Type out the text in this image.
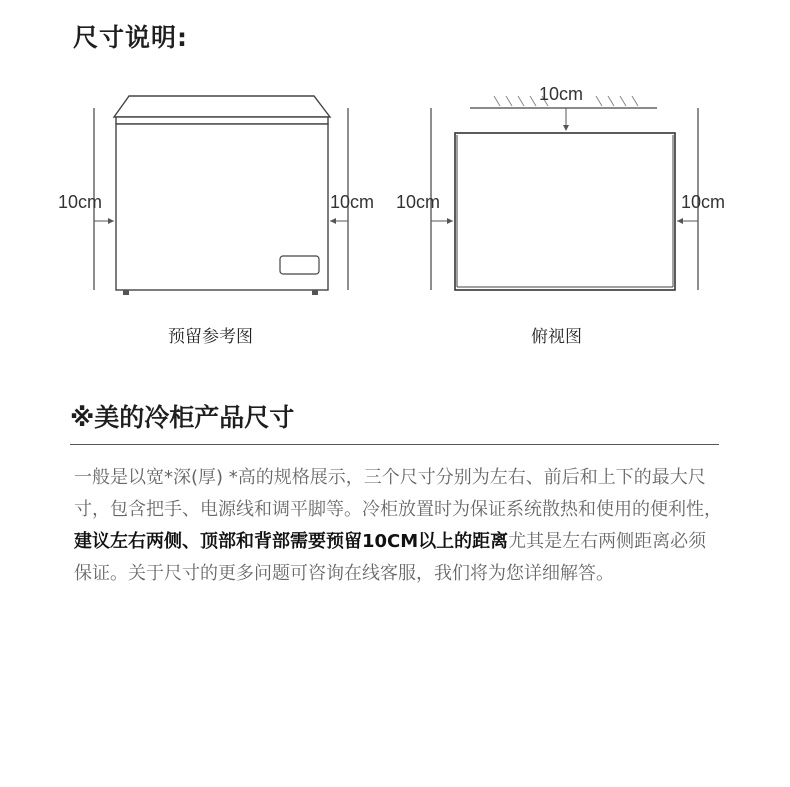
尺寸说明:
10cm	10cm
10cm
10cm	10cm
预留参考图	俯视图
※美的冷柜产品尺寸
一般是以宽*深(厚) *高的规格展示，三个尺寸分别为左右、前后和上下的最大尺寸，包含把手、电源线和调平脚等。冷柜放置时为保证系统散热和使用的便利性，建议左右两侧、顶部和背部需要预留10CM以上的距离尤其是左右两侧距离必须保证。关于尺寸的更多问题可咨询在线客服，我们将为您详细解答。
